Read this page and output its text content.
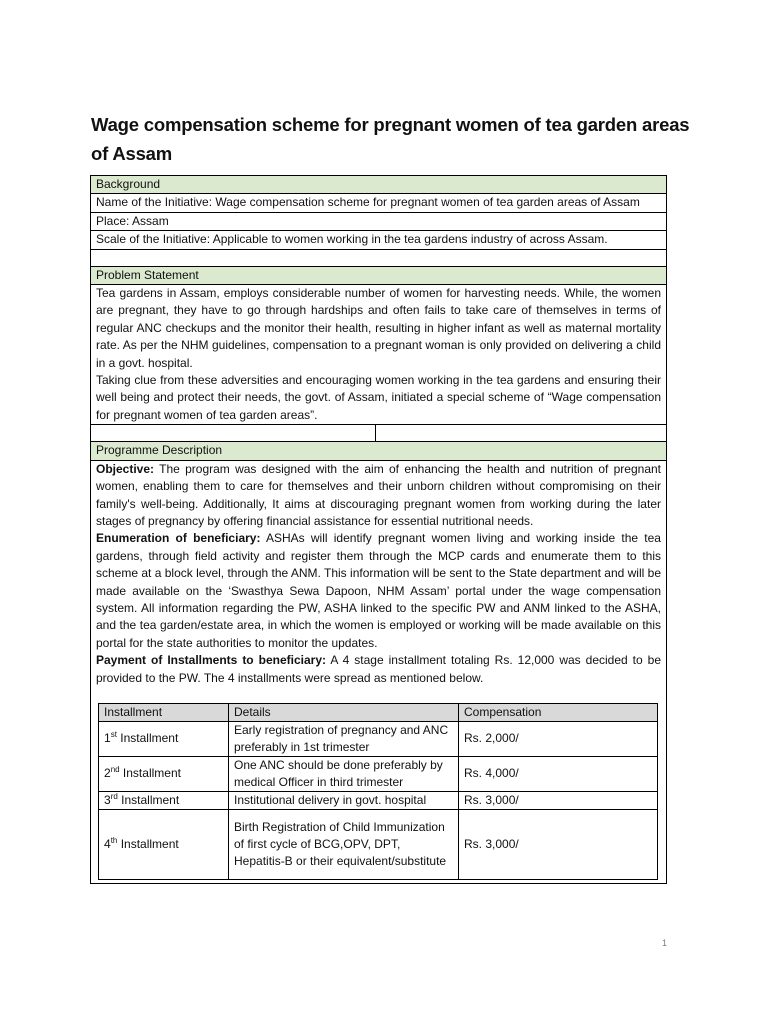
Wage compensation scheme for pregnant women of tea garden areas of Assam
Background
Name of the Initiative: Wage compensation scheme for pregnant women of tea garden areas of Assam
Place: Assam
Scale of the Initiative: Applicable to women working in the tea gardens industry of across Assam.

Problem Statement

Tea gardens in Assam, employs considerable number of women for harvesting needs. While, the women are pregnant, they have to go through hardships and often fails to take care of themselves in terms of regular ANC checkups and the monitor their health, resulting in higher infant as well as maternal mortality rate. As per the NHM guidelines, compensation to a pregnant woman is only provided on delivering a child in a govt. hospital.

Taking clue from these adversities and encouraging women working in the tea gardens and ensuring their well being and protect their needs, the govt. of Assam, initiated a special scheme of “Wage compensation for pregnant women of tea garden areas”.

Programme Description

Objective: The program was designed with the aim of enhancing the health and nutrition of pregnant women, enabling them to care for themselves and their unborn children without compromising on their family's well-being. Additionally, It aims at discouraging pregnant women from working during the later stages of pregnancy by offering financial assistance for essential nutritional needs.

Enumeration of beneficiary: ASHAs will identify pregnant women living and working inside the tea gardens, through field activity and register them through the MCP cards and enumerate them to this scheme at a block level, through the ANM. This information will be sent to the State department and will be made available on the ‘Swasthya Sewa Dapoon, NHM Assam’ portal under the wage compensation system. All information regarding the PW, ASHA linked to the specific PW and ANM linked to the ASHA, and the tea garden/estate area, in which the women is employed or working will be made available on this portal for the state authorities to monitor the updates.

Payment of Installments to beneficiary: A 4 stage installment totaling Rs. 12,000 was decided to be provided to the PW. The 4 installments were spread as mentioned below.

Installment	Details	Compensation
1st Installment	Early registration of pregnancy and ANC preferably in 1st trimester	Rs. 2,000/
2nd Installment	One ANC should be done preferably by medical Officer in third trimester	Rs. 4,000/
3rd Installment	Institutional delivery in govt. hospital	Rs. 3,000/
4th Installment	Birth Registration of Child Immunization of first cycle of BCG,OPV, DPT, Hepatitis-B or their equivalent/substitute	Rs. 3,000/
1
